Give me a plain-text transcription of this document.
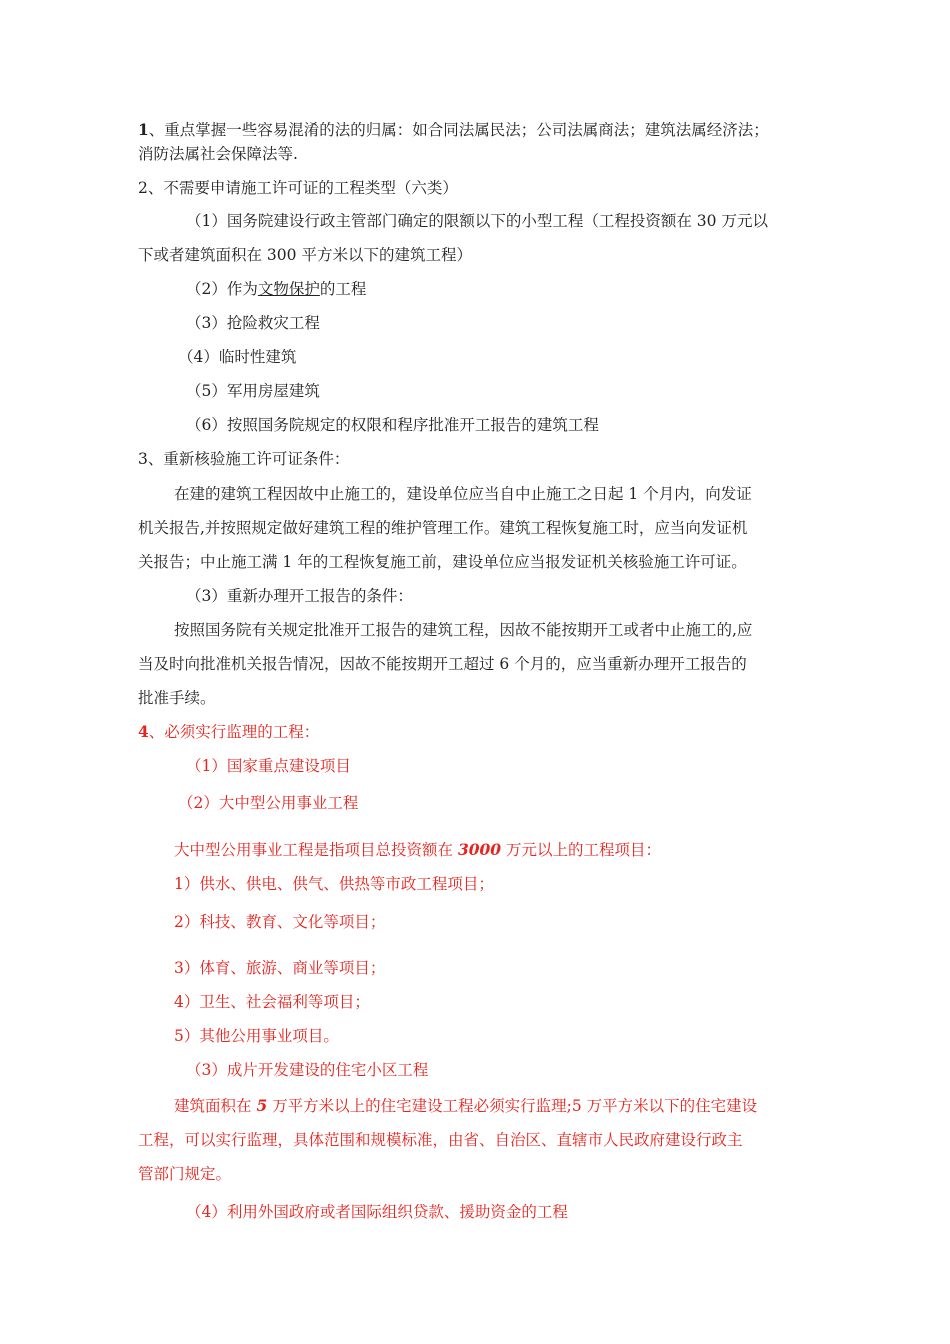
1、重点掌握一些容易混淆的法的归属：如合同法属民法；公司法属商法；建筑法属经济法；
消防法属社会保障法等.
2、不需要申请施工许可证的工程类型（六类）
（1）国务院建设行政主管部门确定的限额以下的小型工程（工程投资额在 30 万元以
下或者建筑面积在 300 平方米以下的建筑工程）
（2）作为文物保护的工程
（3）抢险救灾工程
（4）临时性建筑
（5）军用房屋建筑
（6）按照国务院规定的权限和程序批准开工报告的建筑工程
3、重新核验施工许可证条件：
在建的建筑工程因故中止施工的，建设单位应当自中止施工之日起 1 个月内，向发证
机关报告,并按照规定做好建筑工程的维护管理工作。建筑工程恢复施工时，应当向发证机
关报告；中止施工满 1 年的工程恢复施工前，建设单位应当报发证机关核验施工许可证。
（3）重新办理开工报告的条件：
按照国务院有关规定批准开工报告的建筑工程，因故不能按期开工或者中止施工的,应
当及时向批准机关报告情况，因故不能按期开工超过 6 个月的，应当重新办理开工报告的
批准手续。
4、必须实行监理的工程：
（1）国家重点建设项目
（2）大中型公用事业工程
大中型公用事业工程是指项目总投资额在 3000 万元以上的工程项目：
1）供水、供电、供气、供热等市政工程项目；
2）科技、教育、文化等项目；
3）体育、旅游、商业等项目；
4）卫生、社会福利等项目；
5）其他公用事业项目。
（3）成片开发建设的住宅小区工程
建筑面积在 5 万平方米以上的住宅建设工程必须实行监理;5 万平方米以下的住宅建设
工程，可以实行监理，具体范围和规模标准，由省、自治区、直辖市人民政府建设行政主
管部门规定。
（4）利用外国政府或者国际组织贷款、援助资金的工程
